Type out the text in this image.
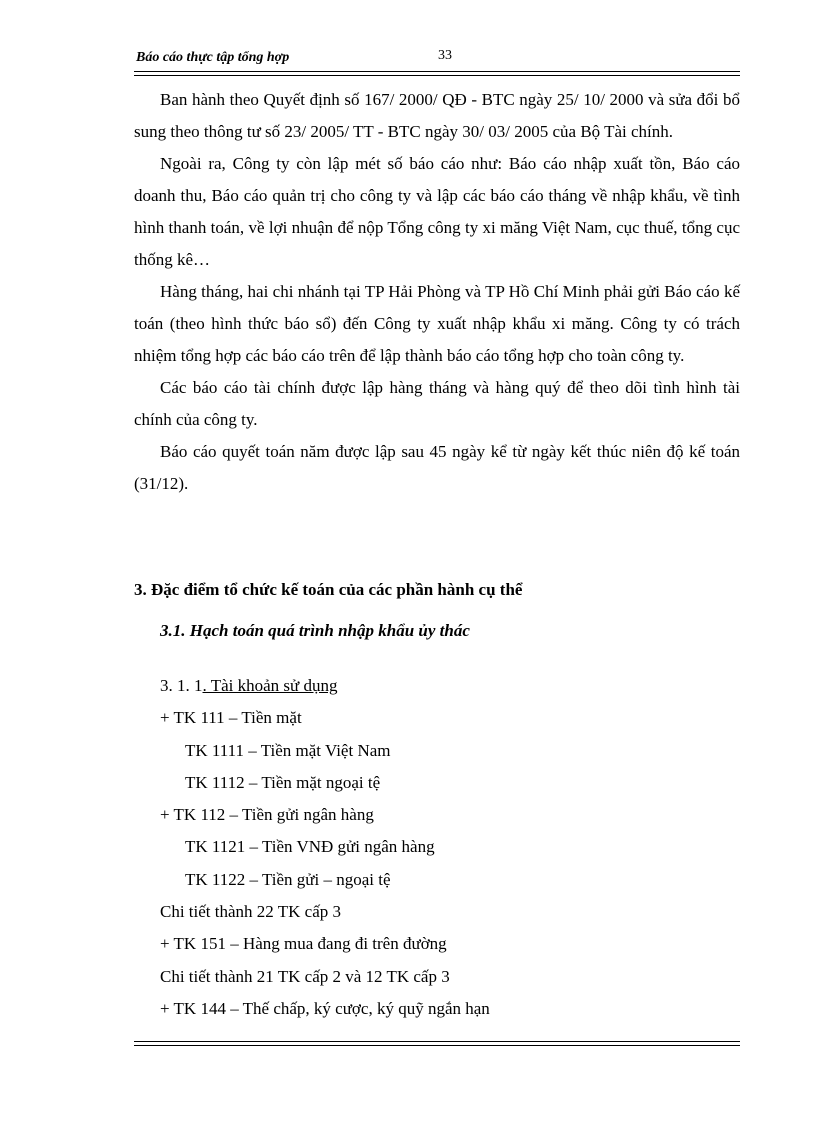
Báo cáo thực tập tổng hợp	33

Ban hành theo Quyết định số 167/ 2000/ QĐ - BTC ngày 25/ 10/ 2000 và sửa đổi bổ sung theo thông tư số 23/ 2005/ TT - BTC ngày 30/ 03/ 2005 của Bộ Tài chính.

Ngoài ra, Công ty còn lập mét số báo cáo như: Báo cáo nhập xuất tồn, Báo cáo doanh thu, Báo cáo quản trị cho công ty và lập các báo cáo tháng về nhập khẩu, về tình hình thanh toán, về lợi nhuận để nộp Tổng công ty xi măng Việt Nam, cục thuế, tổng cục thống kê…

Hàng tháng, hai chi nhánh tại TP Hải Phòng và TP Hồ Chí Minh phải gửi Báo cáo kế toán (theo hình thức báo sổ) đến Công ty xuất nhập khẩu xi măng. Công ty có trách nhiệm tổng hợp các báo cáo trên để lập thành báo cáo tổng hợp cho toàn công ty.

Các báo cáo tài chính được lập hàng tháng và hàng quý để theo dõi tình hình tài chính của công ty.

Báo cáo quyết toán năm được lập sau 45 ngày kể từ ngày kết thúc niên độ kế toán (31/12).

3. Đặc điểm tổ chức kế toán của các phần hành cụ thể
3.1. Hạch toán quá trình nhập khẩu ủy thác
3. 1. 1. Tài khoản sử dụng
+ TK 111 – Tiền mặt
TK 1111 – Tiền mặt Việt Nam
TK 1112 – Tiền mặt ngoại tệ
+ TK 112 – Tiền gửi ngân hàng
TK 1121 – Tiền VNĐ gửi ngân hàng
TK 1122 – Tiền gửi – ngoại tệ
Chi tiết thành 22 TK cấp 3
+ TK 151 – Hàng mua đang đi trên đường
Chi tiết thành 21 TK cấp 2 và 12 TK cấp 3
+ TK 144 – Thế chấp, ký cược, ký quỹ ngắn hạn
